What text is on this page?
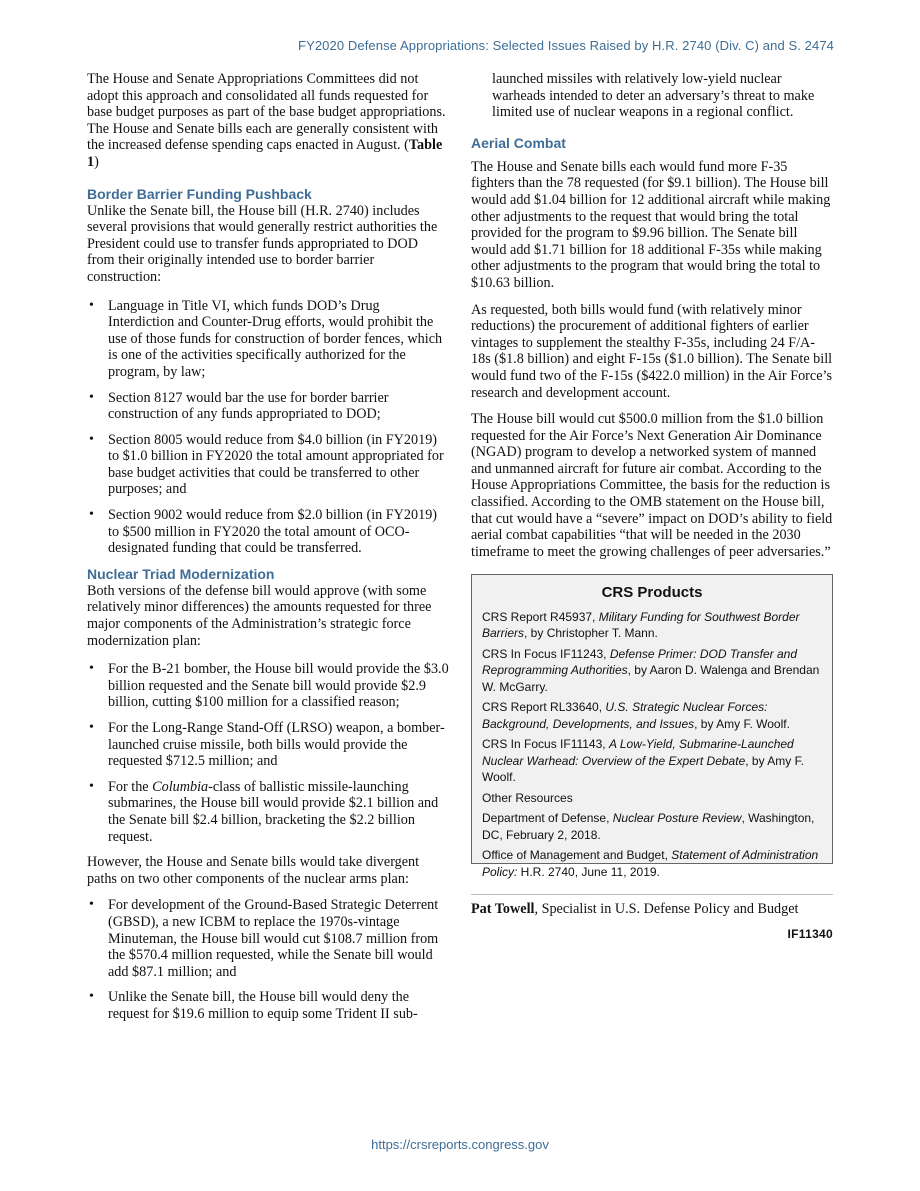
FY2020 Defense Appropriations: Selected Issues Raised by H.R. 2740 (Div. C) and S. 2474

The House and Senate Appropriations Committees did not adopt this approach and consolidated all funds requested for base budget purposes as part of the base budget appropriations. The House and Senate bills each are generally consistent with the increased defense spending caps enacted in August. (Table 1)

Border Barrier Funding Pushback

Unlike the Senate bill, the House bill (H.R. 2740) includes several provisions that would generally restrict authorities the President could use to transfer funds appropriated to DOD from their originally intended use to border barrier construction:

• Language in Title VI, which funds DOD’s Drug Interdiction and Counter-Drug efforts, would prohibit the use of those funds for construction of border fences, which is one of the activities specifically authorized for the program, by law;
• Section 8127 would bar the use for border barrier construction of any funds appropriated to DOD;
• Section 8005 would reduce from $4.0 billion (in FY2019) to $1.0 billion in FY2020 the total amount appropriated for base budget activities that could be transferred to other purposes; and
• Section 9002 would reduce from $2.0 billion (in FY2019) to $500 million in FY2020 the total amount of OCO-designated funding that could be transferred.
Nuclear Triad Modernization

Both versions of the defense bill would approve (with some relatively minor differences) the amounts requested for three major components of the Administration’s strategic force modernization plan:

• For the B-21 bomber, the House bill would provide the $3.0 billion requested and the Senate bill would provide $2.9 billion, cutting $100 million for a classified reason;
• For the Long-Range Stand-Off (LRSO) weapon, a bomber-launched cruise missile, both bills would provide the requested $712.5 million; and
• For the Columbia-class of ballistic missile-launching submarines, the House bill would provide $2.1 billion and the Senate bill $2.4 billion, bracketing the $2.2 billion request.

However, the House and Senate bills would take divergent paths on two other components of the nuclear arms plan:

• For development of the Ground-Based Strategic Deterrent (GBSD), a new ICBM to replace the 1970s-vintage Minuteman, the House bill would cut $108.7 million from the $570.4 million requested, while the Senate bill would add $87.1 million; and
• Unlike the Senate bill, the House bill would deny the request for $19.6 million to equip some Trident II sub-

launched missiles with relatively low-yield nuclear warheads intended to deter an adversary’s threat to make limited use of nuclear weapons in a regional conflict.

Aerial Combat

The House and Senate bills each would fund more F-35 fighters than the 78 requested (for $9.1 billion). The House bill would add $1.04 billion for 12 additional aircraft while making other adjustments to the request that would bring the total provided for the program to $9.96 billion. The Senate bill would add $1.71 billion for 18 additional F-35s while making other adjustments to the program that would bring the total to $10.63 billion.

As requested, both bills would fund (with relatively minor reductions) the procurement of additional fighters of earlier vintages to supplement the stealthy F-35s, including 24 F/A-18s ($1.8 billion) and eight F-15s ($1.0 billion). The Senate bill would fund two of the F-15s ($422.0 million) in the Air Force’s research and development account.

The House bill would cut $500.0 million from the $1.0 billion requested for the Air Force’s Next Generation Air Dominance (NGAD) program to develop a networked system of manned and unmanned aircraft for future air combat. According to the House Appropriations Committee, the basis for the reduction is classified. According to the OMB statement on the House bill, that cut would have a “severe” impact on DOD’s ability to field aerial combat capabilities “that will be needed in the 2030 timeframe to meet the growing challenges of peer adversaries.”

CRS Products
CRS Report R45937, Military Funding for Southwest Border Barriers, by Christopher T. Mann.
CRS In Focus IF11243, Defense Primer: DOD Transfer and Reprogramming Authorities, by Aaron D. Walenga and Brendan W. McGarry.
CRS Report RL33640, U.S. Strategic Nuclear Forces: Background, Developments, and Issues, by Amy F. Woolf.
CRS In Focus IF11143, A Low-Yield, Submarine-Launched Nuclear Warhead: Overview of the Expert Debate, by Amy F. Woolf.
Other Resources
Department of Defense, Nuclear Posture Review, Washington, DC, February 2, 2018.
Office of Management and Budget, Statement of Administration Policy: H.R. 2740, June 11, 2019.
Pat Towell, Specialist in U.S. Defense Policy and Budget
IF11340
https://crsreports.congress.gov
